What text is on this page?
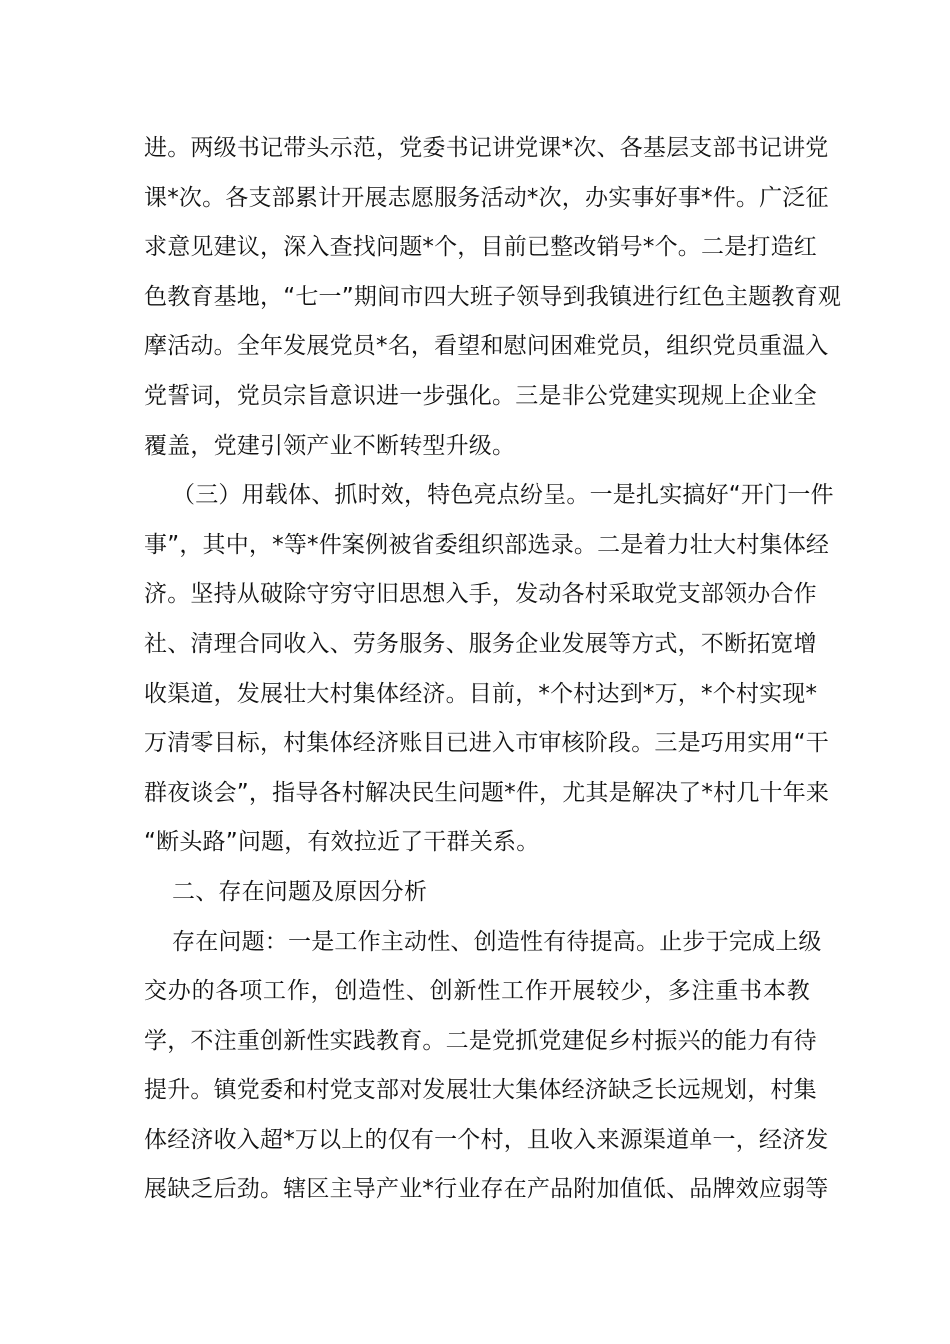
进。两级书记带头示范，党委书记讲党课*次、各基层支部书记讲党
课*次。各支部累计开展志愿服务活动*次，办实事好事*件。广泛征
求意见建议，深入查找问题*个，目前已整改销号*个。二是打造红
色教育基地，“七一”期间市四大班子领导到我镇进行红色主题教育观
摩活动。全年发展党员*名，看望和慰问困难党员，组织党员重温入
党誓词，党员宗旨意识进一步强化。三是非公党建实现规上企业全
覆盖，党建引领产业不断转型升级。
（三）用载体、抓时效，特色亮点纷呈。一是扎实搞好“开门一件
事”，其中，*等*件案例被省委组织部选录。二是着力壮大村集体经
济。坚持从破除守穷守旧思想入手，发动各村采取党支部领办合作
社、清理合同收入、劳务服务、服务企业发展等方式，不断拓宽增
收渠道，发展壮大村集体经济。目前，*个村达到*万，*个村实现*
万清零目标，村集体经济账目已进入市审核阶段。三是巧用实用“干
群夜谈会”，指导各村解决民生问题*件，尤其是解决了*村几十年来
“断头路”问题，有效拉近了干群关系。
二、存在问题及原因分析
存在问题：一是工作主动性、创造性有待提高。止步于完成上级
交办的各项工作，创造性、创新性工作开展较少，多注重书本教
学，不注重创新性实践教育。二是党抓党建促乡村振兴的能力有待
提升。镇党委和村党支部对发展壮大集体经济缺乏长远规划，村集
体经济收入超*万以上的仅有一个村，且收入来源渠道单一，经济发
展缺乏后劲。辖区主导产业*行业存在产品附加值低、品牌效应弱等
